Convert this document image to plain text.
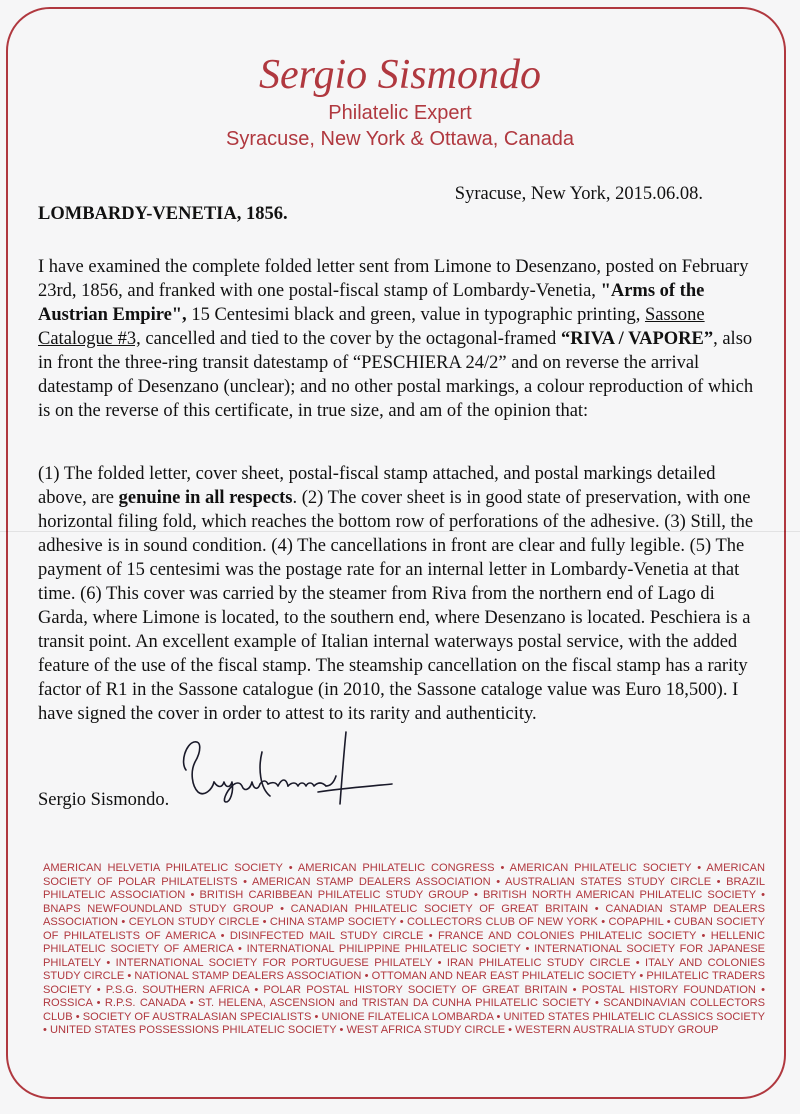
Sergio Sismondo

Philatelic Expert

Syracuse, New York & Ottawa, Canada

Syracuse, New York, 2015.06.08.
LOMBARDY-VENETIA, 1856.

I have examined the complete folded letter sent from Limone to Desenzano, posted on February 23rd, 1856, and franked with one postal-fiscal stamp of Lombardy-Venetia, "Arms of the Austrian Empire", 15 Centesimi black and green, value in typographic printing, Sassone Catalogue #3, cancelled and tied to the cover by the octagonal-framed “RIVA / VAPORE”, also in front the three-ring transit datestamp of “PESCHIERA 24/2” and on reverse the arrival datestamp of Desenzano (unclear); and no other postal markings, a colour reproduction of which is on the reverse of this certificate, in true size, and am of the opinion that:

(1) The folded letter, cover sheet, postal-fiscal stamp attached, and postal markings detailed above, are genuine in all respects. (2) The cover sheet is in good state of preservation, with one horizontal filing fold, which reaches the bottom row of perforations of the adhesive. (3) Still, the adhesive is in sound condition. (4) The cancellations in front are clear and fully legible. (5) The payment of 15 centesimi was the postage rate for an internal letter in Lombardy-Venetia at that time. (6) This cover was carried by the steamer from Riva from the northern end of Lago di Garda, where Limone is located, to the southern end, where Desenzano is located. Peschiera is a transit point. An excellent example of Italian internal waterways postal service, with the added feature of the use of the fiscal stamp. The steamship cancellation on the fiscal stamp has a rarity factor of R1 in the Sassone catalogue (in 2010, the Sassone cataloge value was Euro 18,500). I have signed the cover in order to attest to its rarity and authenticity.

Sergio Sismondo.

AMERICAN HELVETIA PHILATELIC SOCIETY • AMERICAN PHILATELIC CONGRESS • AMERICAN PHILATELIC SOCIETY • AMERICAN SOCIETY OF POLAR PHILATELISTS • AMERICAN STAMP DEALERS ASSOCIATION • AUSTRALIAN STATES STUDY CIRCLE • BRAZIL PHILATELIC ASSOCIATION • BRITISH CARIBBEAN PHILATELIC STUDY GROUP • BRITISH NORTH AMERICAN PHILATELIC SOCIETY • BNAPS NEWFOUNDLAND STUDY GROUP • CANADIAN PHILATELIC SOCIETY OF GREAT BRITAIN • CANADIAN STAMP DEALERS ASSOCIATION • CEYLON STUDY CIRCLE • CHINA STAMP SOCIETY • COLLECTORS CLUB OF NEW YORK • COPAPHIL • CUBAN SOCIETY OF PHILATELISTS OF AMERICA • DISINFECTED MAIL STUDY CIRCLE • FRANCE AND COLONIES PHILATELIC SOCIETY • HELLENIC PHILATELIC SOCIETY OF AMERICA • INTERNATIONAL PHILIPPINE PHILATELIC SOCIETY • INTERNATIONAL SOCIETY FOR JAPANESE PHILATELY • INTERNATIONAL SOCIETY FOR PORTUGUESE PHILATELY • IRAN PHILATELIC STUDY CIRCLE • ITALY AND COLONIES STUDY CIRCLE • NATIONAL STAMP DEALERS ASSOCIATION • OTTOMAN AND NEAR EAST PHILATELIC SOCIETY • PHILATELIC TRADERS SOCIETY • P.S.G. SOUTHERN AFRICA • POLAR POSTAL HISTORY SOCIETY OF GREAT BRITAIN • POSTAL HISTORY FOUNDATION • ROSSICA • R.P.S. CANADA • ST. HELENA, ASCENSION and TRISTAN DA CUNHA PHILATELIC SOCIETY • SCANDINAVIAN COLLECTORS CLUB • SOCIETY OF AUSTRALASIAN SPECIALISTS • UNIONE FILATELICA LOMBARDA • UNITED STATES PHILATELIC CLASSICS SOCIETY • UNITED STATES POSSESSIONS PHILATELIC SOCIETY • WEST AFRICA STUDY CIRCLE • WESTERN AUSTRALIA STUDY GROUP
